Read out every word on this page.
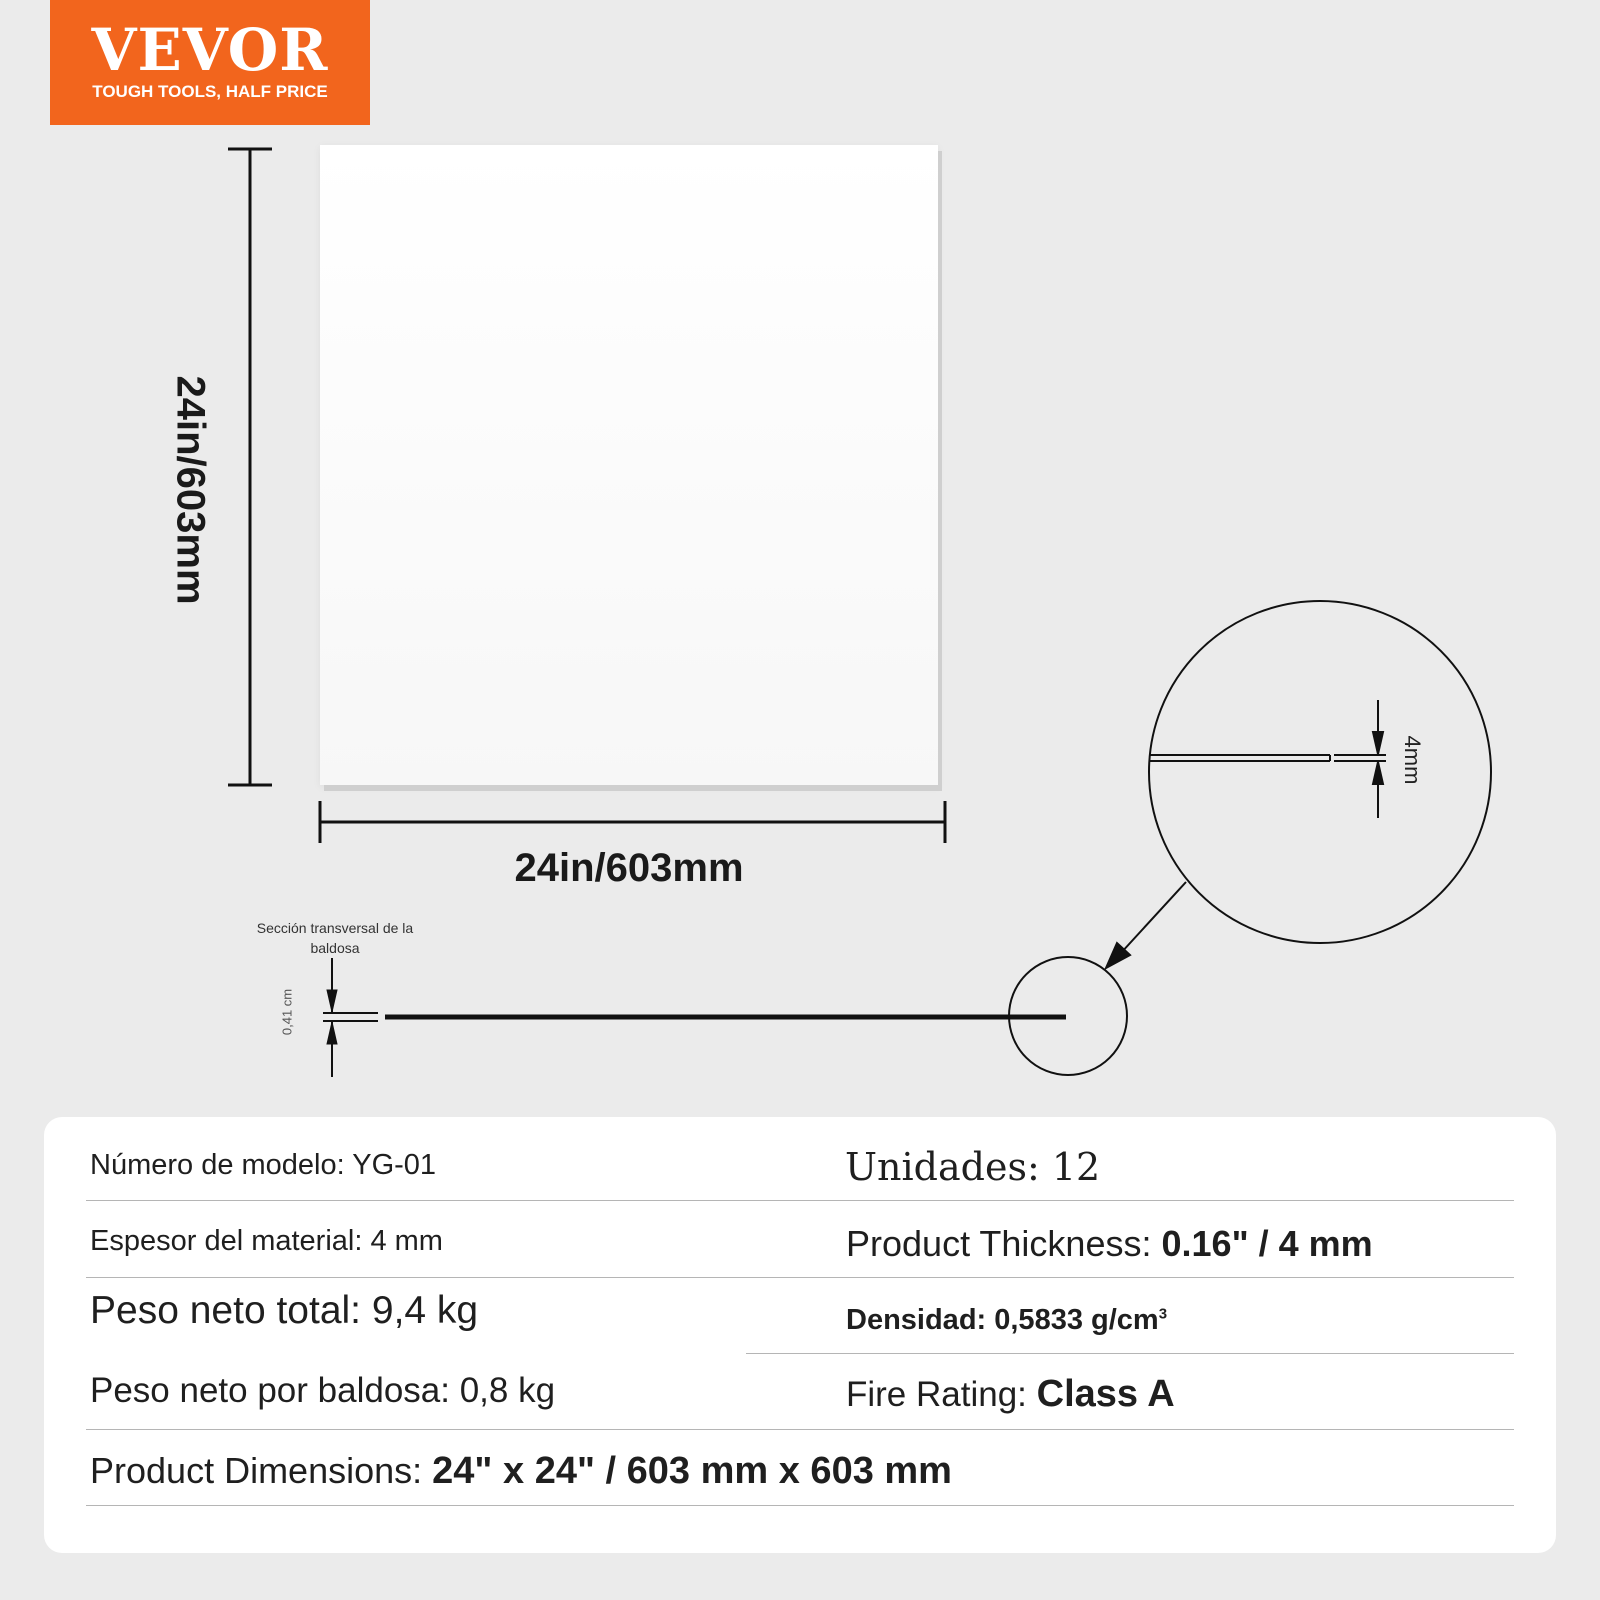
VEVOR
TOUGH TOOLS, HALF PRICE
24in/603mm
24in/603mm
Sección transversal de la baldosa
0,41 cm
4mm
Número de modelo: YG-01	Unidades: 12
Espesor del material: 4 mm	Product Thickness: 0.16" / 4 mm
Peso neto total: 9,4 kg	Densidad: 0,5833 $g/cm^3$
Peso neto por baldosa: 0,8 kg	Fire Rating: Class A
Product Dimensions: 24" x 24" / 603 mm x 603 mm
